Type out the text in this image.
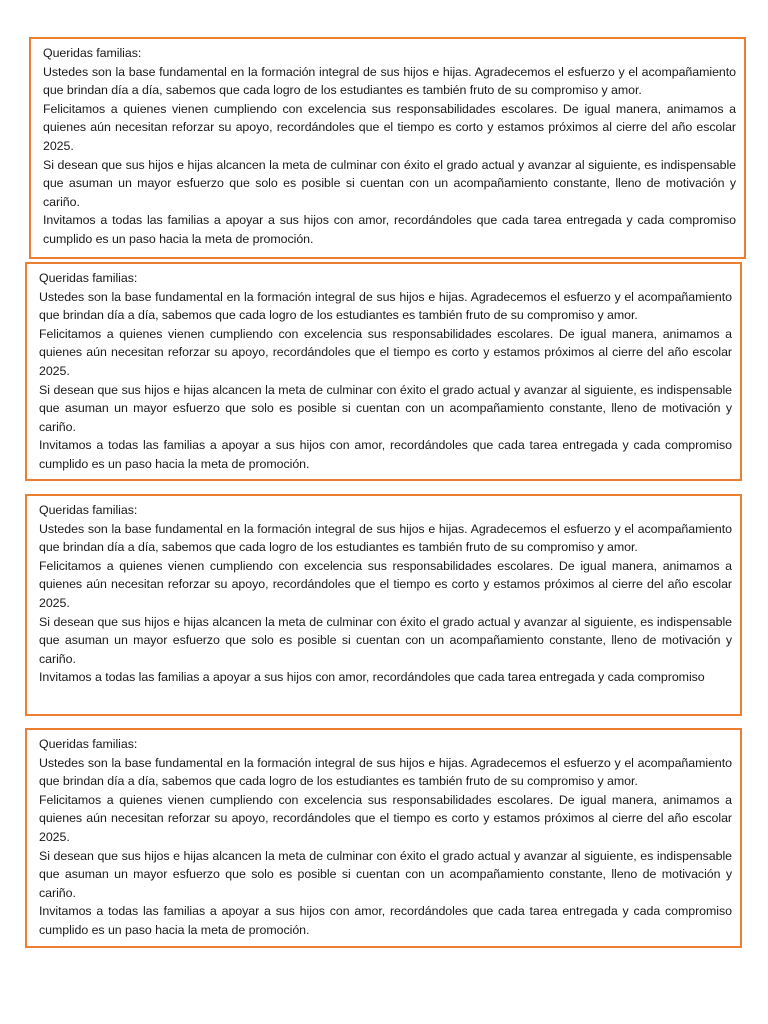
Queridas familias:

Ustedes son la base fundamental en la formación integral de sus hijos e hijas. Agradecemos el esfuerzo y el acompañamiento que brindan día a día, sabemos que cada logro de los estudiantes es también fruto de su compromiso y amor.

Felicitamos a quienes vienen cumpliendo con excelencia sus responsabilidades escolares. De igual manera, animamos a quienes aún necesitan reforzar su apoyo, recordándoles que el tiempo es corto y estamos próximos al cierre del año escolar 2025.

Si desean que sus hijos e hijas alcancen la meta de culminar con éxito el grado actual y avanzar al siguiente, es indispensable que asuman un mayor esfuerzo que solo es posible si cuentan con un acompañamiento constante, lleno de motivación y cariño.

Invitamos a todas las familias a apoyar a sus hijos con amor, recordándoles que cada tarea entregada y cada compromiso cumplido es un paso hacia la meta de promoción.

Queridas familias:

Ustedes son la base fundamental en la formación integral de sus hijos e hijas. Agradecemos el esfuerzo y el acompañamiento que brindan día a día, sabemos que cada logro de los estudiantes es también fruto de su compromiso y amor.

Felicitamos a quienes vienen cumpliendo con excelencia sus responsabilidades escolares. De igual manera, animamos a quienes aún necesitan reforzar su apoyo, recordándoles que el tiempo es corto y estamos próximos al cierre del año escolar 2025.

Si desean que sus hijos e hijas alcancen la meta de culminar con éxito el grado actual y avanzar al siguiente, es indispensable que asuman un mayor esfuerzo que solo es posible si cuentan con un acompañamiento constante, lleno de motivación y cariño.

Invitamos a todas las familias a apoyar a sus hijos con amor, recordándoles que cada tarea entregada y cada compromiso cumplido es un paso hacia la meta de promoción.

Queridas familias:

Ustedes son la base fundamental en la formación integral de sus hijos e hijas. Agradecemos el esfuerzo y el acompañamiento que brindan día a día, sabemos que cada logro de los estudiantes es también fruto de su compromiso y amor.

Felicitamos a quienes vienen cumpliendo con excelencia sus responsabilidades escolares. De igual manera, animamos a quienes aún necesitan reforzar su apoyo, recordándoles que el tiempo es corto y estamos próximos al cierre del año escolar 2025.

Si desean que sus hijos e hijas alcancen la meta de culminar con éxito el grado actual y avanzar al siguiente, es indispensable que asuman un mayor esfuerzo que solo es posible si cuentan con un acompañamiento constante, lleno de motivación y cariño.

Invitamos a todas las familias a apoyar a sus hijos con amor, recordándoles que cada tarea entregada y cada compromiso

Queridas familias:

Ustedes son la base fundamental en la formación integral de sus hijos e hijas. Agradecemos el esfuerzo y el acompañamiento que brindan día a día, sabemos que cada logro de los estudiantes es también fruto de su compromiso y amor.

Felicitamos a quienes vienen cumpliendo con excelencia sus responsabilidades escolares. De igual manera, animamos a quienes aún necesitan reforzar su apoyo, recordándoles que el tiempo es corto y estamos próximos al cierre del año escolar 2025.

Si desean que sus hijos e hijas alcancen la meta de culminar con éxito el grado actual y avanzar al siguiente, es indispensable que asuman un mayor esfuerzo que solo es posible si cuentan con un acompañamiento constante, lleno de motivación y cariño.

Invitamos a todas las familias a apoyar a sus hijos con amor, recordándoles que cada tarea entregada y cada compromiso cumplido es un paso hacia la meta de promoción.
